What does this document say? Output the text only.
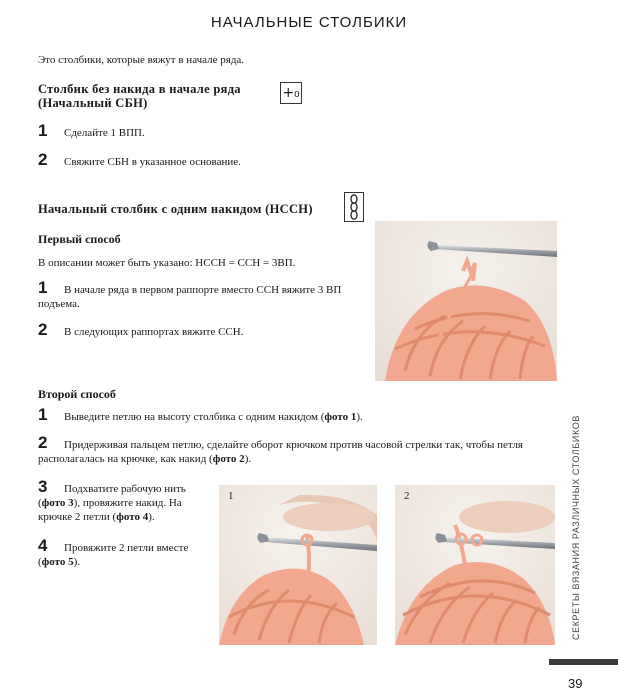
НАЧАЛЬНЫЕ СТОЛБИКИ
Это столбики, которые вяжут в начале ряда.
Столбик без накида в начале ряда
(Начальный СБН)
+₀
1 Сделайте 1 ВПП.
2 Свяжите СБН в указанное основание.
Начальный столбик с одним накидом (НССН)
Первый способ
В описании может быть указано: НССН = ССН = 3ВП.
1 В начале ряда в первом раппорте вместо ССН вяжите 3 ВП
подъема.
2 В следующих раппортах вяжите ССН.
Второй способ
1 Выведите петлю на высоту столбика с одним накидом (фото 1).
2 Придерживая пальцем петлю, сделайте оборот крючком против часовой стрелки так, чтобы петля
располагалась на крючке, как накид (фото 2).
3 Подхватите рабочую нить
(фото 3), провяжите накид. На
крючке 2 петли (фото 4).
4 Провяжите 2 петли вместе
(фото 5).
1	2	СЕКРЕТЫ ВЯЗАНИЯ РАЗЛИЧНЫХ СТОЛБИКОВ
39
